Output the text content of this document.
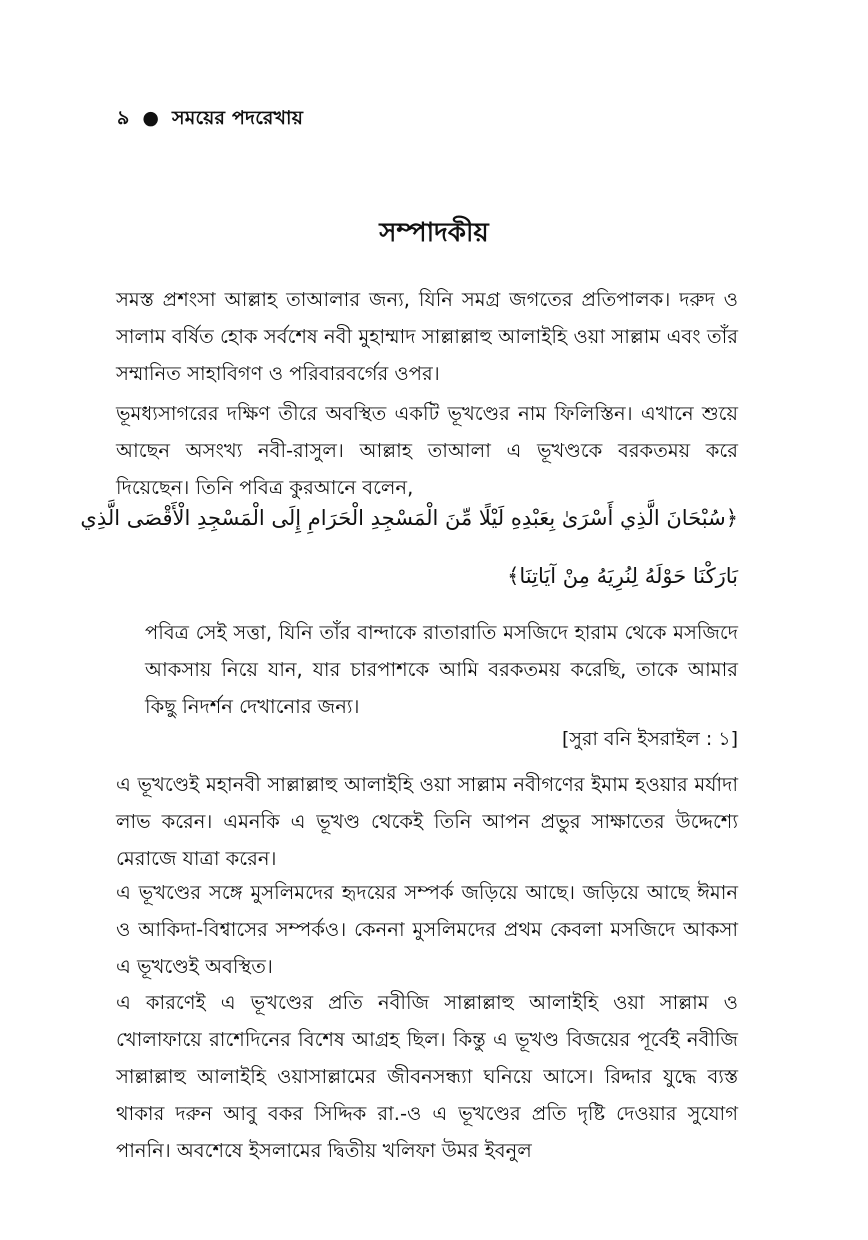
৯ ● সময়ের পদরেখায়
সম্পাদকীয়
সমস্ত প্রশংসা আল্লাহ তাআলার জন্য, যিনি সমগ্র জগতের প্রতিপালক। দরুদ ও সালাম বর্ষিত হোক সর্বশেষ নবী মুহাম্মাদ সাল্লাল্লাহু আলাইহি ওয়া সাল্লাম এবং তাঁর সম্মানিত সাহাবিগণ ও পরিবারবর্গের ওপর।
ভূমধ্যসাগরের দক্ষিণ তীরে অবস্থিত একটি ভূখণ্ডের নাম ফিলিস্তিন। এখানে শুয়ে আছেন অসংখ্য নবী-রাসুল। আল্লাহ তাআলা এ ভূখণ্ডকে বরকতময় করে দিয়েছেন। তিনি পবিত্র কুরআনে বলেন,
﴿سُبْحَانَ الَّذِي أَسْرَىٰ بِعَبْدِهِ لَيْلًا مِّنَ الْمَسْجِدِ الْحَرَامِ إِلَى الْمَسْجِدِ الْأَقْصَى الَّذِي
بَارَكْنَا حَوْلَهُ لِنُرِيَهُ مِنْ آيَاتِنَا﴾
পবিত্র সেই সত্তা, যিনি তাঁর বান্দাকে রাতারাতি মসজিদে হারাম থেকে মসজিদে আকসায় নিয়ে যান, যার চারপাশকে আমি বরকতময় করেছি, তাকে আমার কিছু নিদর্শন দেখানোর জন্য।
[সুরা বনি ইসরাইল : ১]
এ ভূখণ্ডেই মহানবী সাল্লাল্লাহু আলাইহি ওয়া সাল্লাম নবীগণের ইমাম হওয়ার মর্যাদা লাভ করেন। এমনকি এ ভূখণ্ড থেকেই তিনি আপন প্রভুর সাক্ষাতের উদ্দেশ্যে মেরাজে যাত্রা করেন।
এ ভূখণ্ডের সঙ্গে মুসলিমদের হৃদয়ের সম্পর্ক জড়িয়ে আছে। জড়িয়ে আছে ঈমান ও আকিদা-বিশ্বাসের সম্পর্কও। কেননা মুসলিমদের প্রথম কেবলা মসজিদে আকসা এ ভূখণ্ডেই অবস্থিত।
এ কারণেই এ ভূখণ্ডের প্রতি নবীজি সাল্লাল্লাহু আলাইহি ওয়া সাল্লাম ও খোলাফায়ে রাশেদিনের বিশেষ আগ্রহ ছিল। কিন্তু এ ভূখণ্ড বিজয়ের পূর্বেই নবীজি সাল্লাল্লাহু আলাইহি ওয়াসাল্লামের জীবনসন্ধ্যা ঘনিয়ে আসে। রিদ্দার যুদ্ধে ব্যস্ত থাকার দরুন আবু বকর সিদ্দিক রা.-ও এ ভূখণ্ডের প্রতি দৃষ্টি দেওয়ার সুযোগ পাননি। অবশেষে ইসলামের দ্বিতীয় খলিফা উমর ইবনুল
